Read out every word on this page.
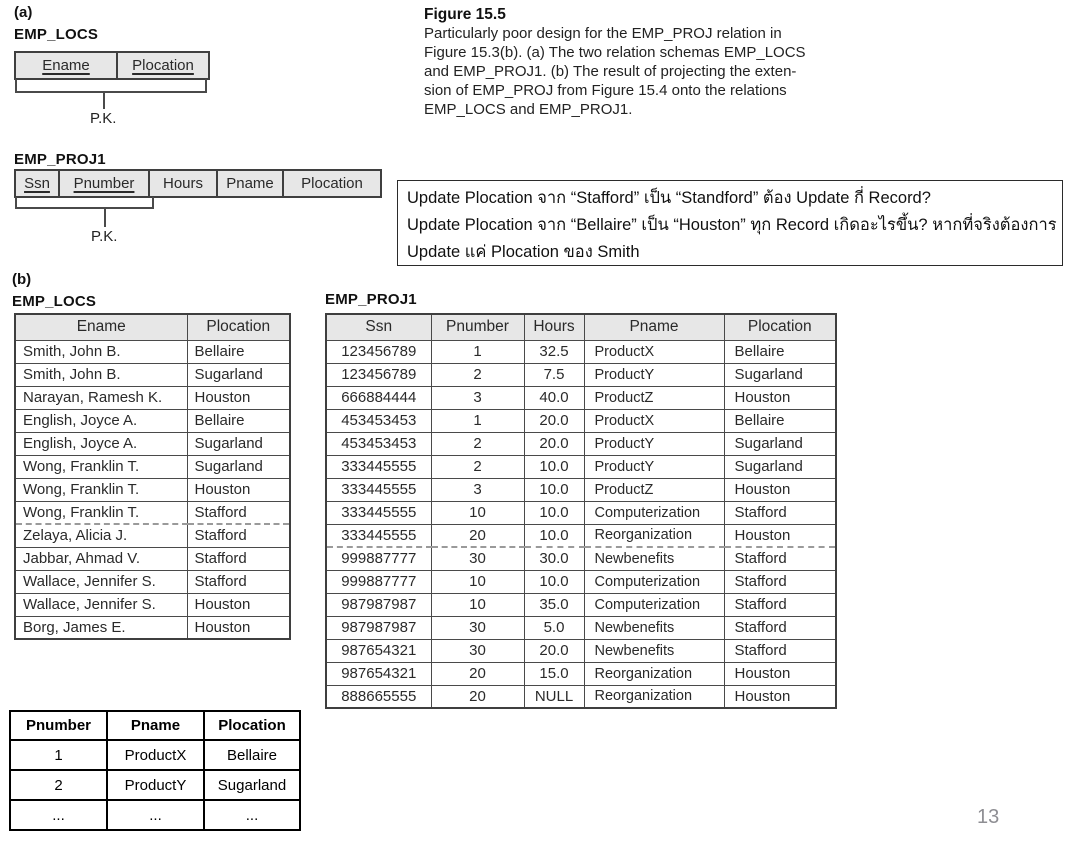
(a)
EMP_LOCS
Ename	Plocation
P.K.
EMP_PROJ1
Ssn	Pnumber	Hours	Pname	Plocation
P.K.
Figure 15.5
Particularly poor design for the EMP_PROJ relation in
Figure 15.3(b). (a) The two relation schemas EMP_LOCS
and EMP_PROJ1. (b) The result of projecting the exten-
sion of EMP_PROJ from Figure 15.4 onto the relations
EMP_LOCS and EMP_PROJ1.
Update Plocation จาก “Stafford” เป็น “Standford” ต้อง Update กี่ Record?
Update Plocation จาก “Bellaire” เป็น “Houston” ทุก Record เกิดอะไรขึ้น? หากที่จริงต้องการ
Update แค่ Plocation ของ Smith
(b)
EMP_LOCS
Ename	Plocation
Smith, John B.	Bellaire
Smith, John B.	Sugarland
Narayan, Ramesh K.	Houston
English, Joyce A.	Bellaire
English, Joyce A.	Sugarland
Wong, Franklin T.	Sugarland
Wong, Franklin T.	Houston
Wong, Franklin T.	Stafford
Zelaya, Alicia J.	Stafford
Jabbar, Ahmad V.	Stafford
Wallace, Jennifer S.	Stafford
Wallace, Jennifer S.	Houston
Borg, James E.	Houston
EMP_PROJ1
Ssn	Pnumber	Hours	Pname	Plocation
123456789	1	32.5	ProductX	Bellaire
123456789	2	7.5	ProductY	Sugarland
666884444	3	40.0	ProductZ	Houston
453453453	1	20.0	ProductX	Bellaire
453453453	2	20.0	ProductY	Sugarland
333445555	2	10.0	ProductY	Sugarland
333445555	3	10.0	ProductZ	Houston
333445555	10	10.0	Computerization	Stafford
333445555	20	10.0	Reorganization	Houston
999887777	30	30.0	Newbenefits	Stafford
999887777	10	10.0	Computerization	Stafford
987987987	10	35.0	Computerization	Stafford
987987987	30	5.0	Newbenefits	Stafford
987654321	30	20.0	Newbenefits	Stafford
987654321	20	15.0	Reorganization	Houston
888665555	20	NULL	Reorganization	Houston
Pnumber	Pname	Plocation
1	ProductX	Bellaire
2	ProductY	Sugarland
...	...	...	13
